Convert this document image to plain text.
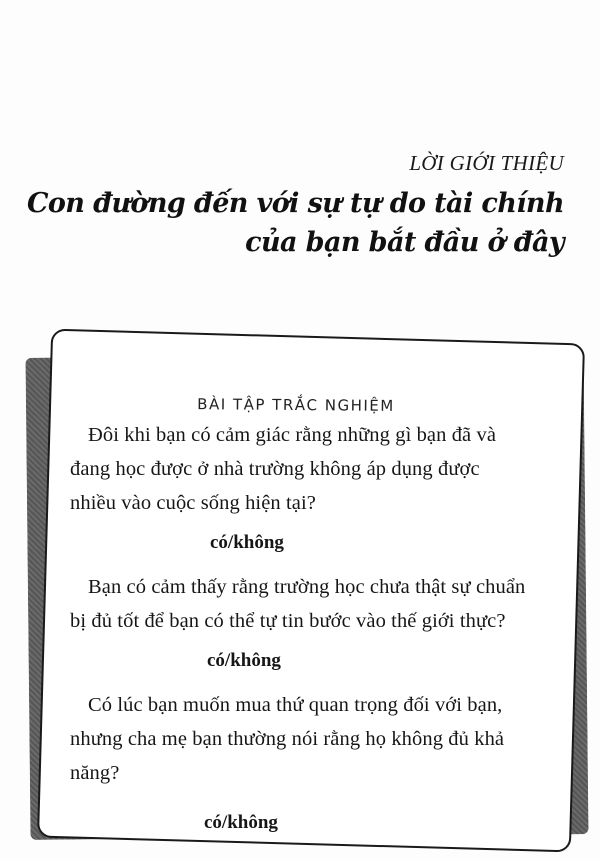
LỜI GIỚI THIỆU
Con đường đến với sự tự do tài chính
của bạn bắt đầu ở đây
BÀI TẬP TRẮC NGHIỆM

Đôi khi bạn có cảm giác rằng những gì bạn đã và đang học được ở nhà trường không áp dụng được nhiều vào cuộc sống hiện tại?

có/không

Bạn có cảm thấy rằng trường học chưa thật sự chuẩn bị đủ tốt để bạn có thể tự tin bước vào thế giới thực?

có/không

Có lúc bạn muốn mua thứ quan trọng đối với bạn, nhưng cha mẹ bạn thường nói rằng họ không đủ khả năng?

có/không
